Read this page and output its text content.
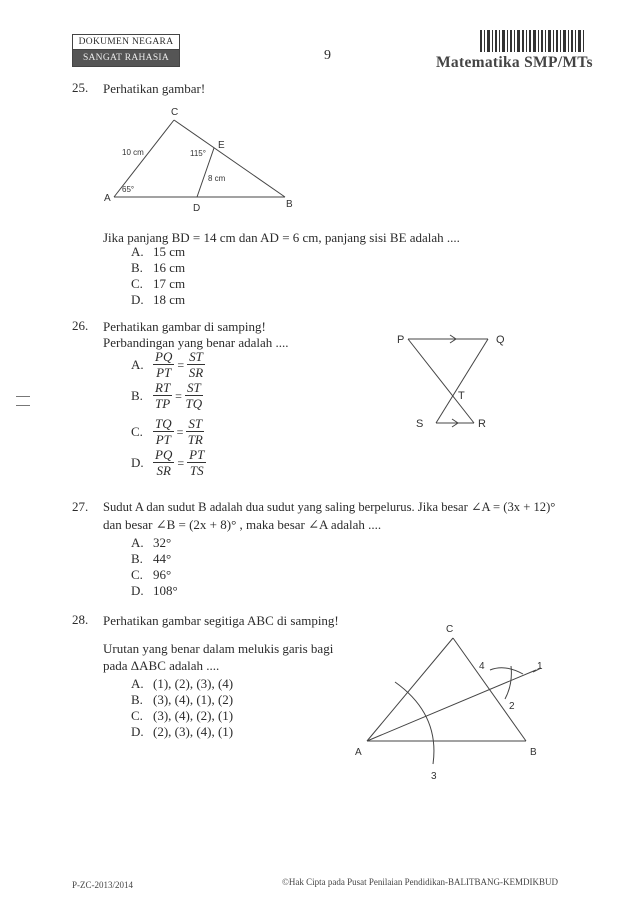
DOKUMEN NEGARA
SANGAT RAHASIA	9	Matematika SMP/MTs
25. Perhatikan gambar!
C
E
A
B
D
10 cm	115°
8 cm
65°
Jika panjang BD = 14 cm dan AD = 6 cm, panjang sisi BE adalah ....
A. 15 cm
B. 16 cm
C. 17 cm
D. 18 cm
26. Perhatikan gambar di samping!
Perbandingan yang benar adalah ....
A. $\frac{PQ}{PT} = \frac{ST}{SR}$
B. $\frac{RT}{TP} = \frac{ST}{TQ}$
C. $\frac{TQ}{PT} = \frac{ST}{TR}$
D. $\frac{PQ}{SR} = \frac{PT}{TS}$
P	Q
T
S	R
27. Sudut A dan sudut B adalah dua sudut yang saling berpelurus. Jika besar ∠A = (3x + 12)°
dan besar ∠B = (2x + 8)° , maka besar ∠A adalah ....
A. 32°
B. 44°
C. 96°
D. 108°
28. Perhatikan gambar segitiga ABC di samping!
Urutan yang benar dalam melukis garis bagi
pada ΔABC adalah ....
A. (1), (2), (3), (4)
B. (3), (4), (1), (2)
C. (3), (4), (2), (1)
D. (2), (3), (4), (1)
C
A	B
1
2
3
4
P-ZC-2013/2014	©Hak Cipta pada Pusat Penilaian Pendidikan-BALITBANG-KEMDIKBUD
